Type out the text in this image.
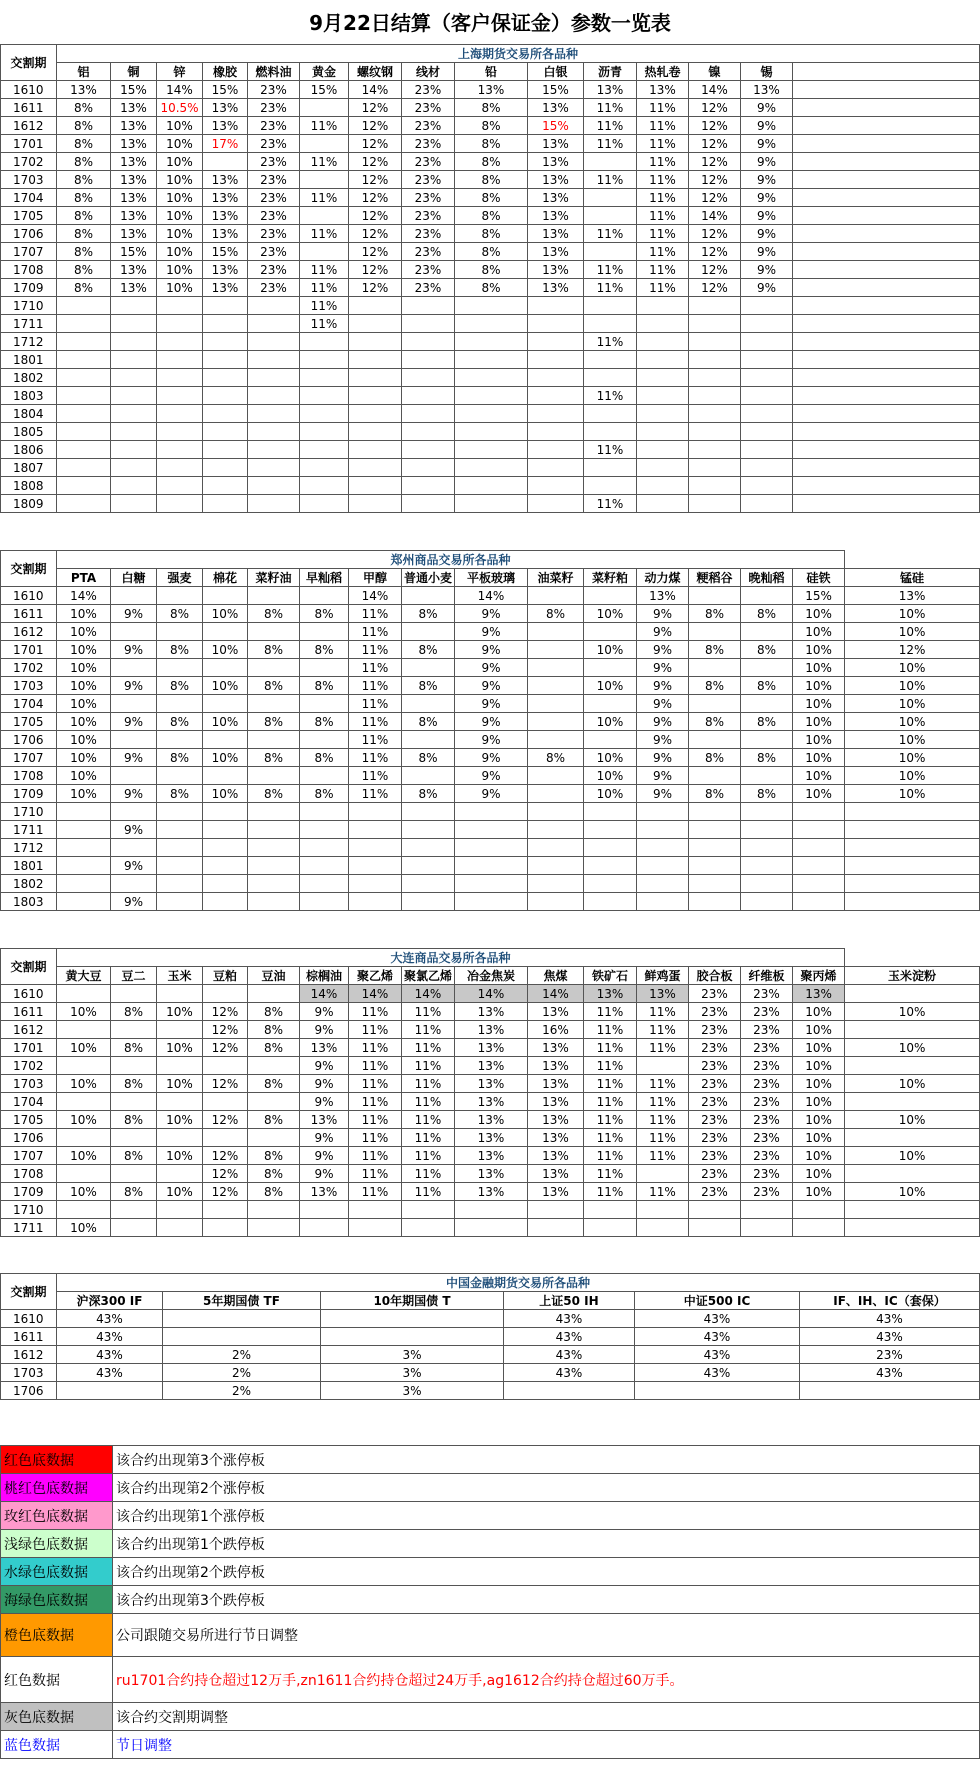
9月22日结算（客户保证金）参数一览表
交割期	上海期货交易所各品种														
	铝	铜	锌	橡胶	燃料油	黄金	螺纹钢	线材	铅	白银	沥青	热轧卷	镍	锡	
1610	13%	15%	14%	15%	23%	15%	14%	23%	13%	15%	13%	13%	14%	13%	
1611	8%	13%	10.5%	13%	23%		12%	23%	8%	13%	11%	11%	12%	9%	
1612	8%	13%	10%	13%	23%	11%	12%	23%	8%	15%	11%	11%	12%	9%	
1701	8%	13%	10%	17%	23%		12%	23%	8%	13%	11%	11%	12%	9%	
1702	8%	13%	10%		23%	11%	12%	23%	8%	13%		11%	12%	9%	
1703	8%	13%	10%	13%	23%		12%	23%	8%	13%	11%	11%	12%	9%	
1704	8%	13%	10%	13%	23%	11%	12%	23%	8%	13%		11%	12%	9%	
1705	8%	13%	10%	13%	23%		12%	23%	8%	13%		11%	14%	9%	
1706	8%	13%	10%	13%	23%	11%	12%	23%	8%	13%	11%	11%	12%	9%	
1707	8%	15%	10%	15%	23%		12%	23%	8%	13%		11%	12%	9%	
1708	8%	13%	10%	13%	23%	11%	12%	23%	8%	13%	11%	11%	12%	9%	
1709	8%	13%	10%	13%	23%	11%	12%	23%	8%	13%	11%	11%	12%	9%	
1710						11%									
1711						11%									
1712											11%				
1801															
1802															
1803											11%				
1804															
1805															
1806											11%				
1807															
1808															
1809											11%				
交割期	郑州商品交易所各品种															
	PTA	白糖	强麦	棉花	菜籽油	早籼稻	甲醇	普通小麦	平板玻璃	油菜籽	菜籽粕	动力煤	粳稻谷	晚籼稻	硅铁	锰硅
1610	14%						14%		14%			13%			15%	13%
1611	10%	9%	8%	10%	8%	8%	11%	8%	9%	8%	10%	9%	8%	8%	10%	10%
1612	10%						11%		9%			9%			10%	10%
1701	10%	9%	8%	10%	8%	8%	11%	8%	9%		10%	9%	8%	8%	10%	12%
1702	10%						11%		9%			9%			10%	10%
1703	10%	9%	8%	10%	8%	8%	11%	8%	9%		10%	9%	8%	8%	10%	10%
1704	10%						11%		9%			9%			10%	10%
1705	10%	9%	8%	10%	8%	8%	11%	8%	9%		10%	9%	8%	8%	10%	10%
1706	10%						11%		9%			9%			10%	10%
1707	10%	9%	8%	10%	8%	8%	11%	8%	9%	8%	10%	9%	8%	8%	10%	10%
1708	10%						11%		9%		10%	9%			10%	10%
1709	10%	9%	8%	10%	8%	8%	11%	8%	9%		10%	9%	8%	8%	10%	10%
1710																
1711		9%														
1712																
1801		9%														
1802																
1803		9%														
交割期	大连商品交易所各品种															
	黄大豆	豆二	玉米	豆粕	豆油	棕榈油	聚乙烯	聚氯乙烯	冶金焦炭	焦煤	铁矿石	鲜鸡蛋	胶合板	纤维板	聚丙烯	玉米淀粉
1610						14%	14%	14%	14%	14%	13%	13%	23%	23%	13%	
1611	10%	8%	10%	12%	8%	9%	11%	11%	13%	13%	11%	11%	23%	23%	10%	10%
1612				12%	8%	9%	11%	11%	13%	16%	11%	11%	23%	23%	10%	
1701	10%	8%	10%	12%	8%	13%	11%	11%	13%	13%	11%	11%	23%	23%	10%	10%
1702						9%	11%	11%	13%	13%	11%		23%	23%	10%	
1703	10%	8%	10%	12%	8%	9%	11%	11%	13%	13%	11%	11%	23%	23%	10%	10%
1704						9%	11%	11%	13%	13%	11%	11%	23%	23%	10%	
1705	10%	8%	10%	12%	8%	13%	11%	11%	13%	13%	11%	11%	23%	23%	10%	10%
1706						9%	11%	11%	13%	13%	11%	11%	23%	23%	10%	
1707	10%	8%	10%	12%	8%	9%	11%	11%	13%	13%	11%	11%	23%	23%	10%	10%
1708				12%	8%	9%	11%	11%	13%	13%	11%		23%	23%	10%	
1709	10%	8%	10%	12%	8%	13%	11%	11%	13%	13%	11%	11%	23%	23%	10%	10%
1710																
1711	10%															
交割期	中国金融期货交易所各品种					
	沪深300 IF	5年期国债 TF	10年期国债 T	上证50 IH	中证500 IC	IF、IH、IC（套保）
1610	43%			43%	43%	43%
1611	43%			43%	43%	43%
1612	43%	2%	3%	43%	43%	23%
1703	43%	2%	3%	43%	43%	43%
1706		2%	3%			
红色底数据	该合约出现第3个涨停板
桃红色底数据	该合约出现第2个涨停板
玫红色底数据	该合约出现第1个涨停板
浅绿色底数据	该合约出现第1个跌停板
水绿色底数据	该合约出现第2个跌停板
海绿色底数据	该合约出现第3个跌停板
橙色底数据	公司跟随交易所进行节日调整
红色数据	ru1701合约持仓超过12万手,zn1611合约持仓超过24万手,ag1612合约持仓超过60万手。
灰色底数据	该合约交割期调整
蓝色数据	节日调整
